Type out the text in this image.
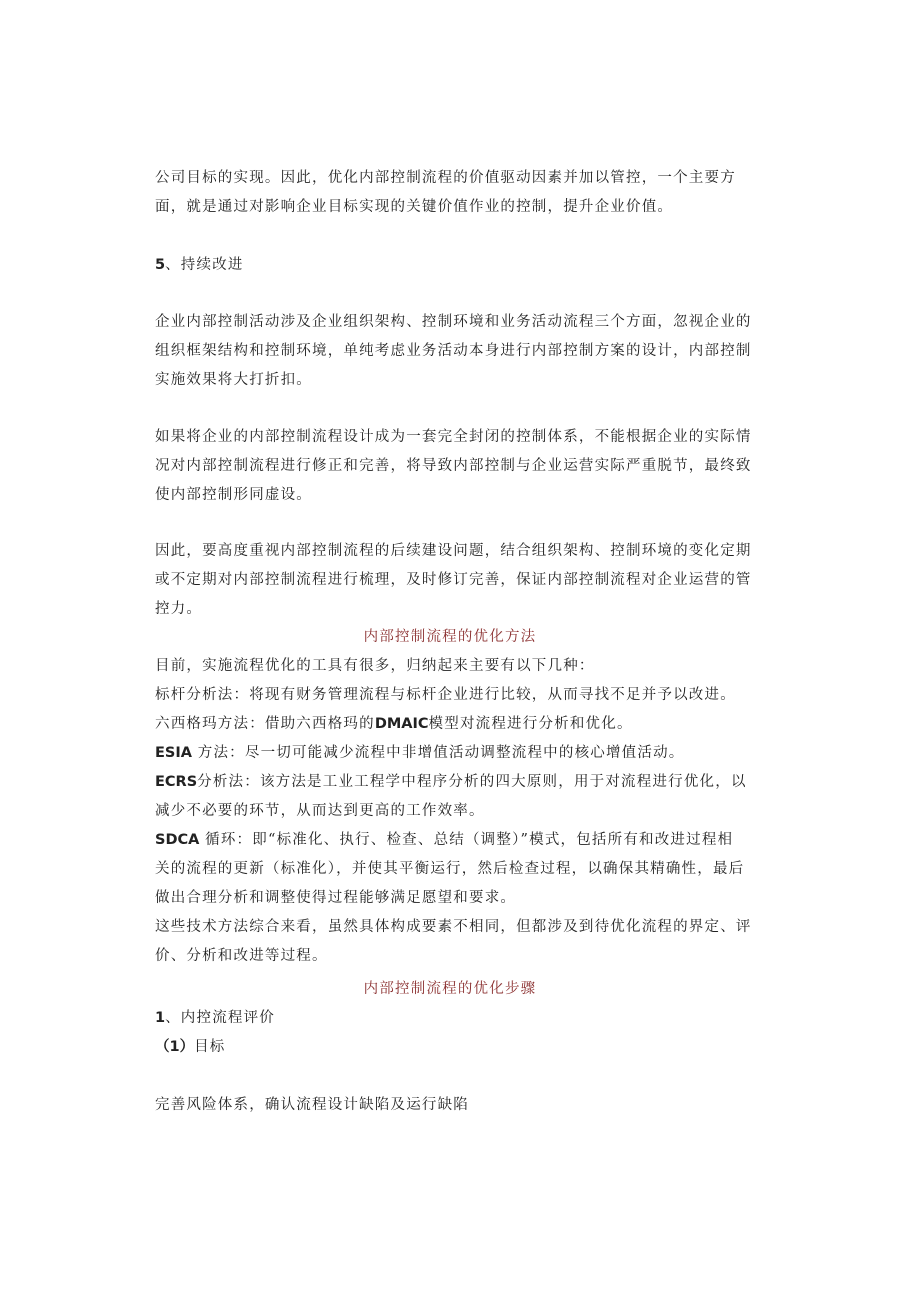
公司目标的实现。因此，优化内部控制流程的价值驱动因素并加以管控，一个主要方
面，就是通过对影响企业目标实现的关键价值作业的控制，提升企业价值。
5、持续改进
企业内部控制活动涉及企业组织架构、控制环境和业务活动流程三个方面，忽视企业的
组织框架结构和控制环境，单纯考虑业务活动本身进行内部控制方案的设计，内部控制
实施效果将大打折扣。
如果将企业的内部控制流程设计成为一套完全封闭的控制体系，不能根据企业的实际情
况对内部控制流程进行修正和完善，将导致内部控制与企业运营实际严重脱节，最终致
使内部控制形同虚设。
因此，要高度重视内部控制流程的后续建设问题，结合组织架构、控制环境的变化定期
或不定期对内部控制流程进行梳理，及时修订完善，保证内部控制流程对企业运营的管
控力。
内部控制流程的优化方法
目前，实施流程优化的工具有很多，归纳起来主要有以下几种：
标杆分析法：将现有财务管理流程与标杆企业进行比较，从而寻找不足并予以改进。
六西格玛方法：借助六西格玛的DMAIC模型对流程进行分析和优化。
ESIA 方法：尽一切可能减少流程中非增值活动调整流程中的核心增值活动。
ECRS分析法：该方法是工业工程学中程序分析的四大原则，用于对流程进行优化，以
减少不必要的环节，从而达到更高的工作效率。
SDCA 循环：即“标准化、执行、检查、总结（调整）”模式，包括所有和改进过程相
关的流程的更新（标准化），并使其平衡运行，然后检查过程，以确保其精确性，最后
做出合理分析和调整使得过程能够满足愿望和要求。
这些技术方法综合来看，虽然具体构成要素不相同，但都涉及到待优化流程的界定、评
价、分析和改进等过程。
内部控制流程的优化步骤
1、内控流程评价
（1）目标
完善风险体系，确认流程设计缺陷及运行缺陷
